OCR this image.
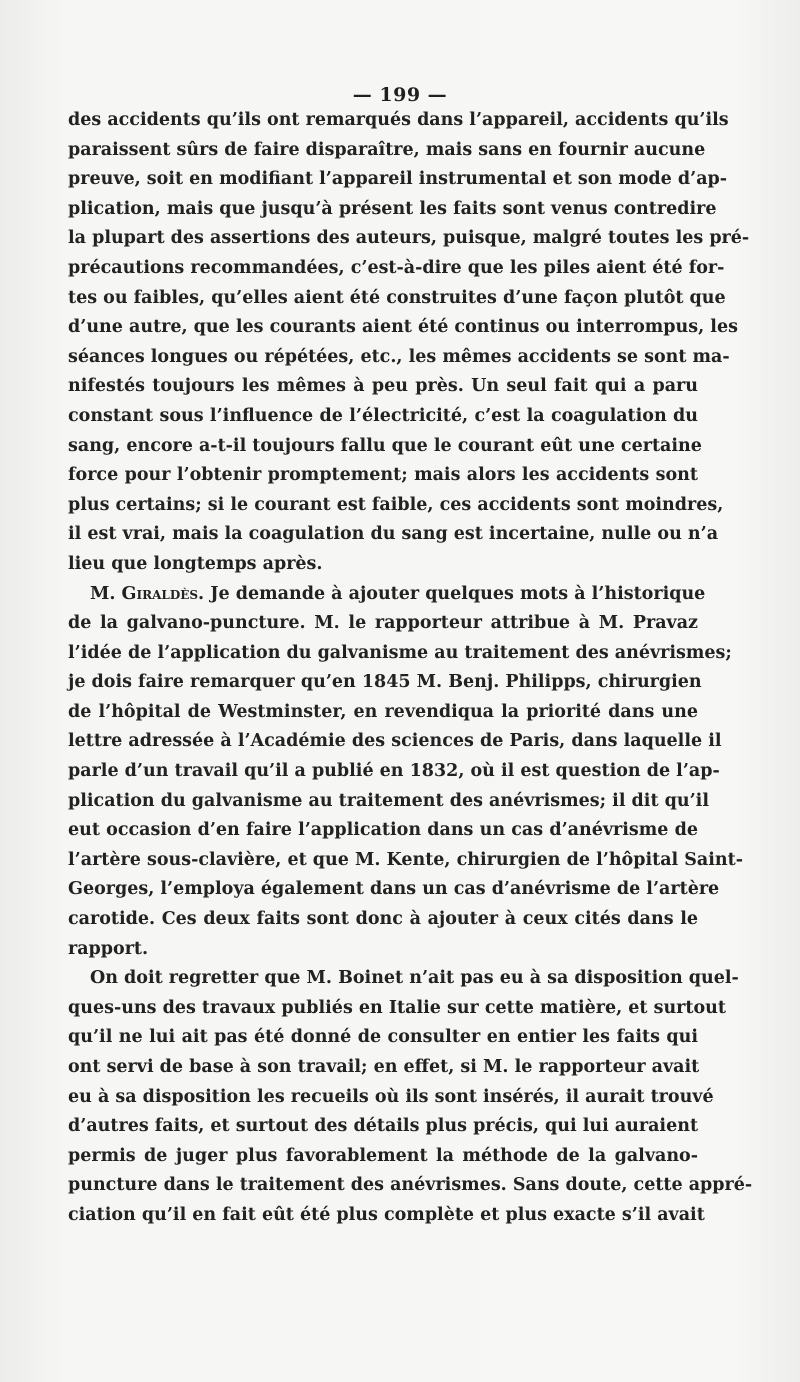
— 199 —
des accidents qu’ils ont remarqués dans l’appareil, accidents qu’ils
paraissent sûrs de faire disparaître, mais sans en fournir aucune
preuve, soit en modifiant l’appareil instrumental et son mode d’ap-
plication, mais que jusqu’à présent les faits sont venus contredire
la plupart des assertions des auteurs, puisque, malgré toutes les pré-
précautions recommandées, c’est-à-dire que les piles aient été for-
tes ou faibles, qu’elles aient été construites d’une façon plutôt que
d’une autre, que les courants aient été continus ou interrompus, les
séances longues ou répétées, etc., les mêmes accidents se sont ma-
nifestés toujours les mêmes à peu près. Un seul fait qui a paru
constant sous l’influence de l’électricité, c’est la coagulation du
sang, encore a-t-il toujours fallu que le courant eût une certaine
force pour l’obtenir promptement; mais alors les accidents sont
plus certains; si le courant est faible, ces accidents sont moindres,
il est vrai, mais la coagulation du sang est incertaine, nulle ou n’a
lieu que longtemps après.
M. Giraldès. Je demande à ajouter quelques mots à l’historique
de la galvano-puncture. M. le rapporteur attribue à M. Pravaz
l’idée de l’application du galvanisme au traitement des anévrismes;
je dois faire remarquer qu’en 1845 M. Benj. Philipps, chirurgien
de l’hôpital de Westminster, en revendiqua la priorité dans une
lettre adressée à l’Académie des sciences de Paris, dans laquelle il
parle d’un travail qu’il a publié en 1832, où il est question de l’ap-
plication du galvanisme au traitement des anévrismes; il dit qu’il
eut occasion d’en faire l’application dans un cas d’anévrisme de
l’artère sous-clavière, et que M. Kente, chirurgien de l’hôpital Saint-
Georges, l’employa également dans un cas d’anévrisme de l’artère
carotide. Ces deux faits sont donc à ajouter à ceux cités dans le
rapport.
On doit regretter que M. Boinet n’ait pas eu à sa disposition quel-
ques-uns des travaux publiés en Italie sur cette matière, et surtout
qu’il ne lui ait pas été donné de consulter en entier les faits qui
ont servi de base à son travail; en effet, si M. le rapporteur avait
eu à sa disposition les recueils où ils sont insérés, il aurait trouvé
d’autres faits, et surtout des détails plus précis, qui lui auraient
permis de juger plus favorablement la méthode de la galvano-
puncture dans le traitement des anévrismes. Sans doute, cette appré-
ciation qu’il en fait eût été plus complète et plus exacte s’il avait
